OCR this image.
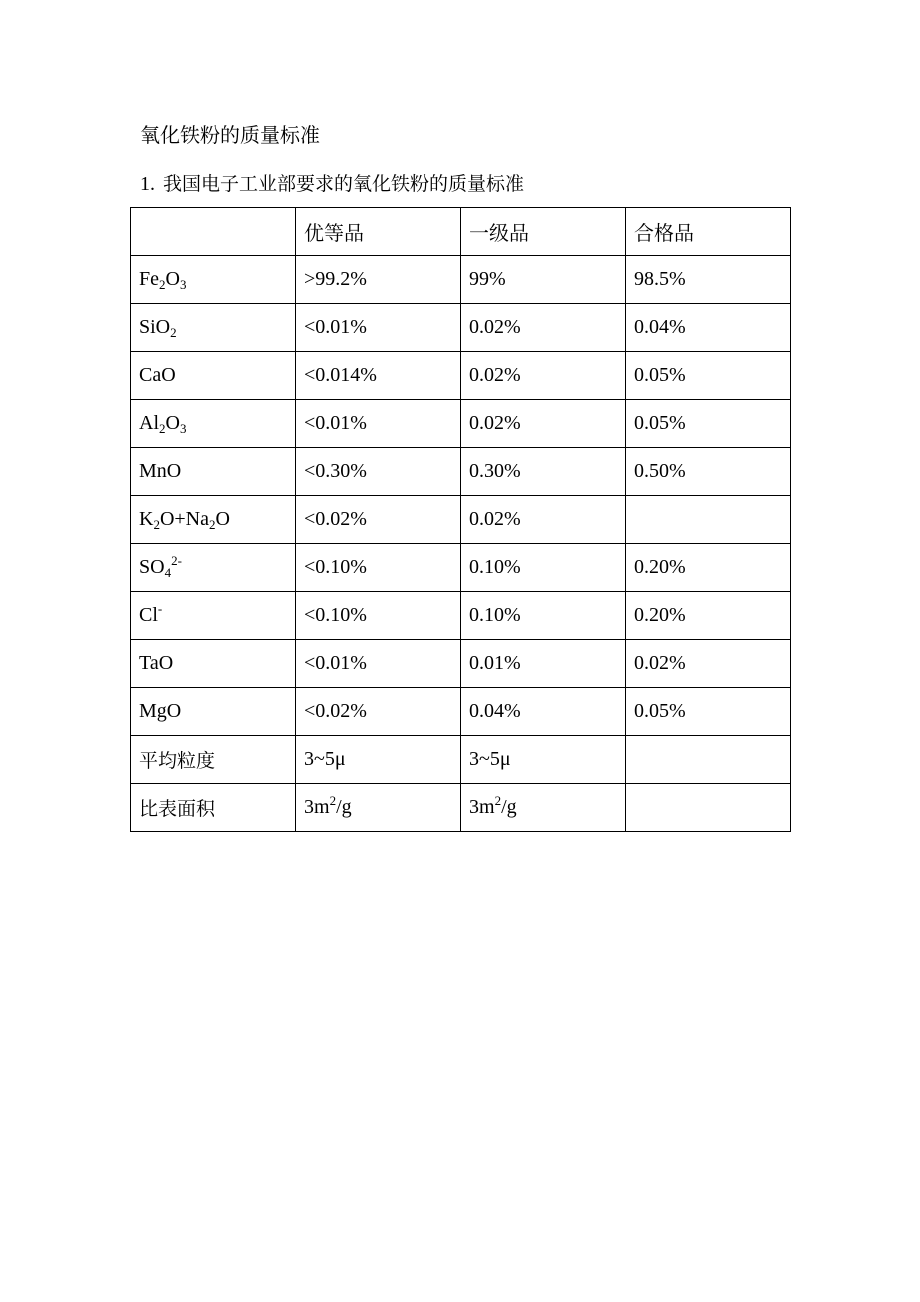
氧化铁粉的质量标准
1. 我国电子工业部要求的氧化铁粉的质量标准
	优等品	一级品	合格品
$Fe_2O_3$	>99.2%	99%	98.5%
SiO$_2$	<0.01%	0.02%	0.04%
CaO	<0.014%	0.02%	0.05%
$Al_2O_3$	<0.01%	0.02%	0.05%
MnO	<0.30%	0.30%	0.50%
$K_2O+Na_2O$	<0.02%	0.02%	
$SO_4^{2-}$	<0.10%	0.10%	0.20%
Cl-	<0.10%	0.10%	0.20%
TaO	<0.01%	0.01%	0.02%
MgO	<0.02%	0.04%	0.05%
平均粒度	3~5μ	3~5μ	
比表面积	$3m^2/g$	$3m^2/g$	
